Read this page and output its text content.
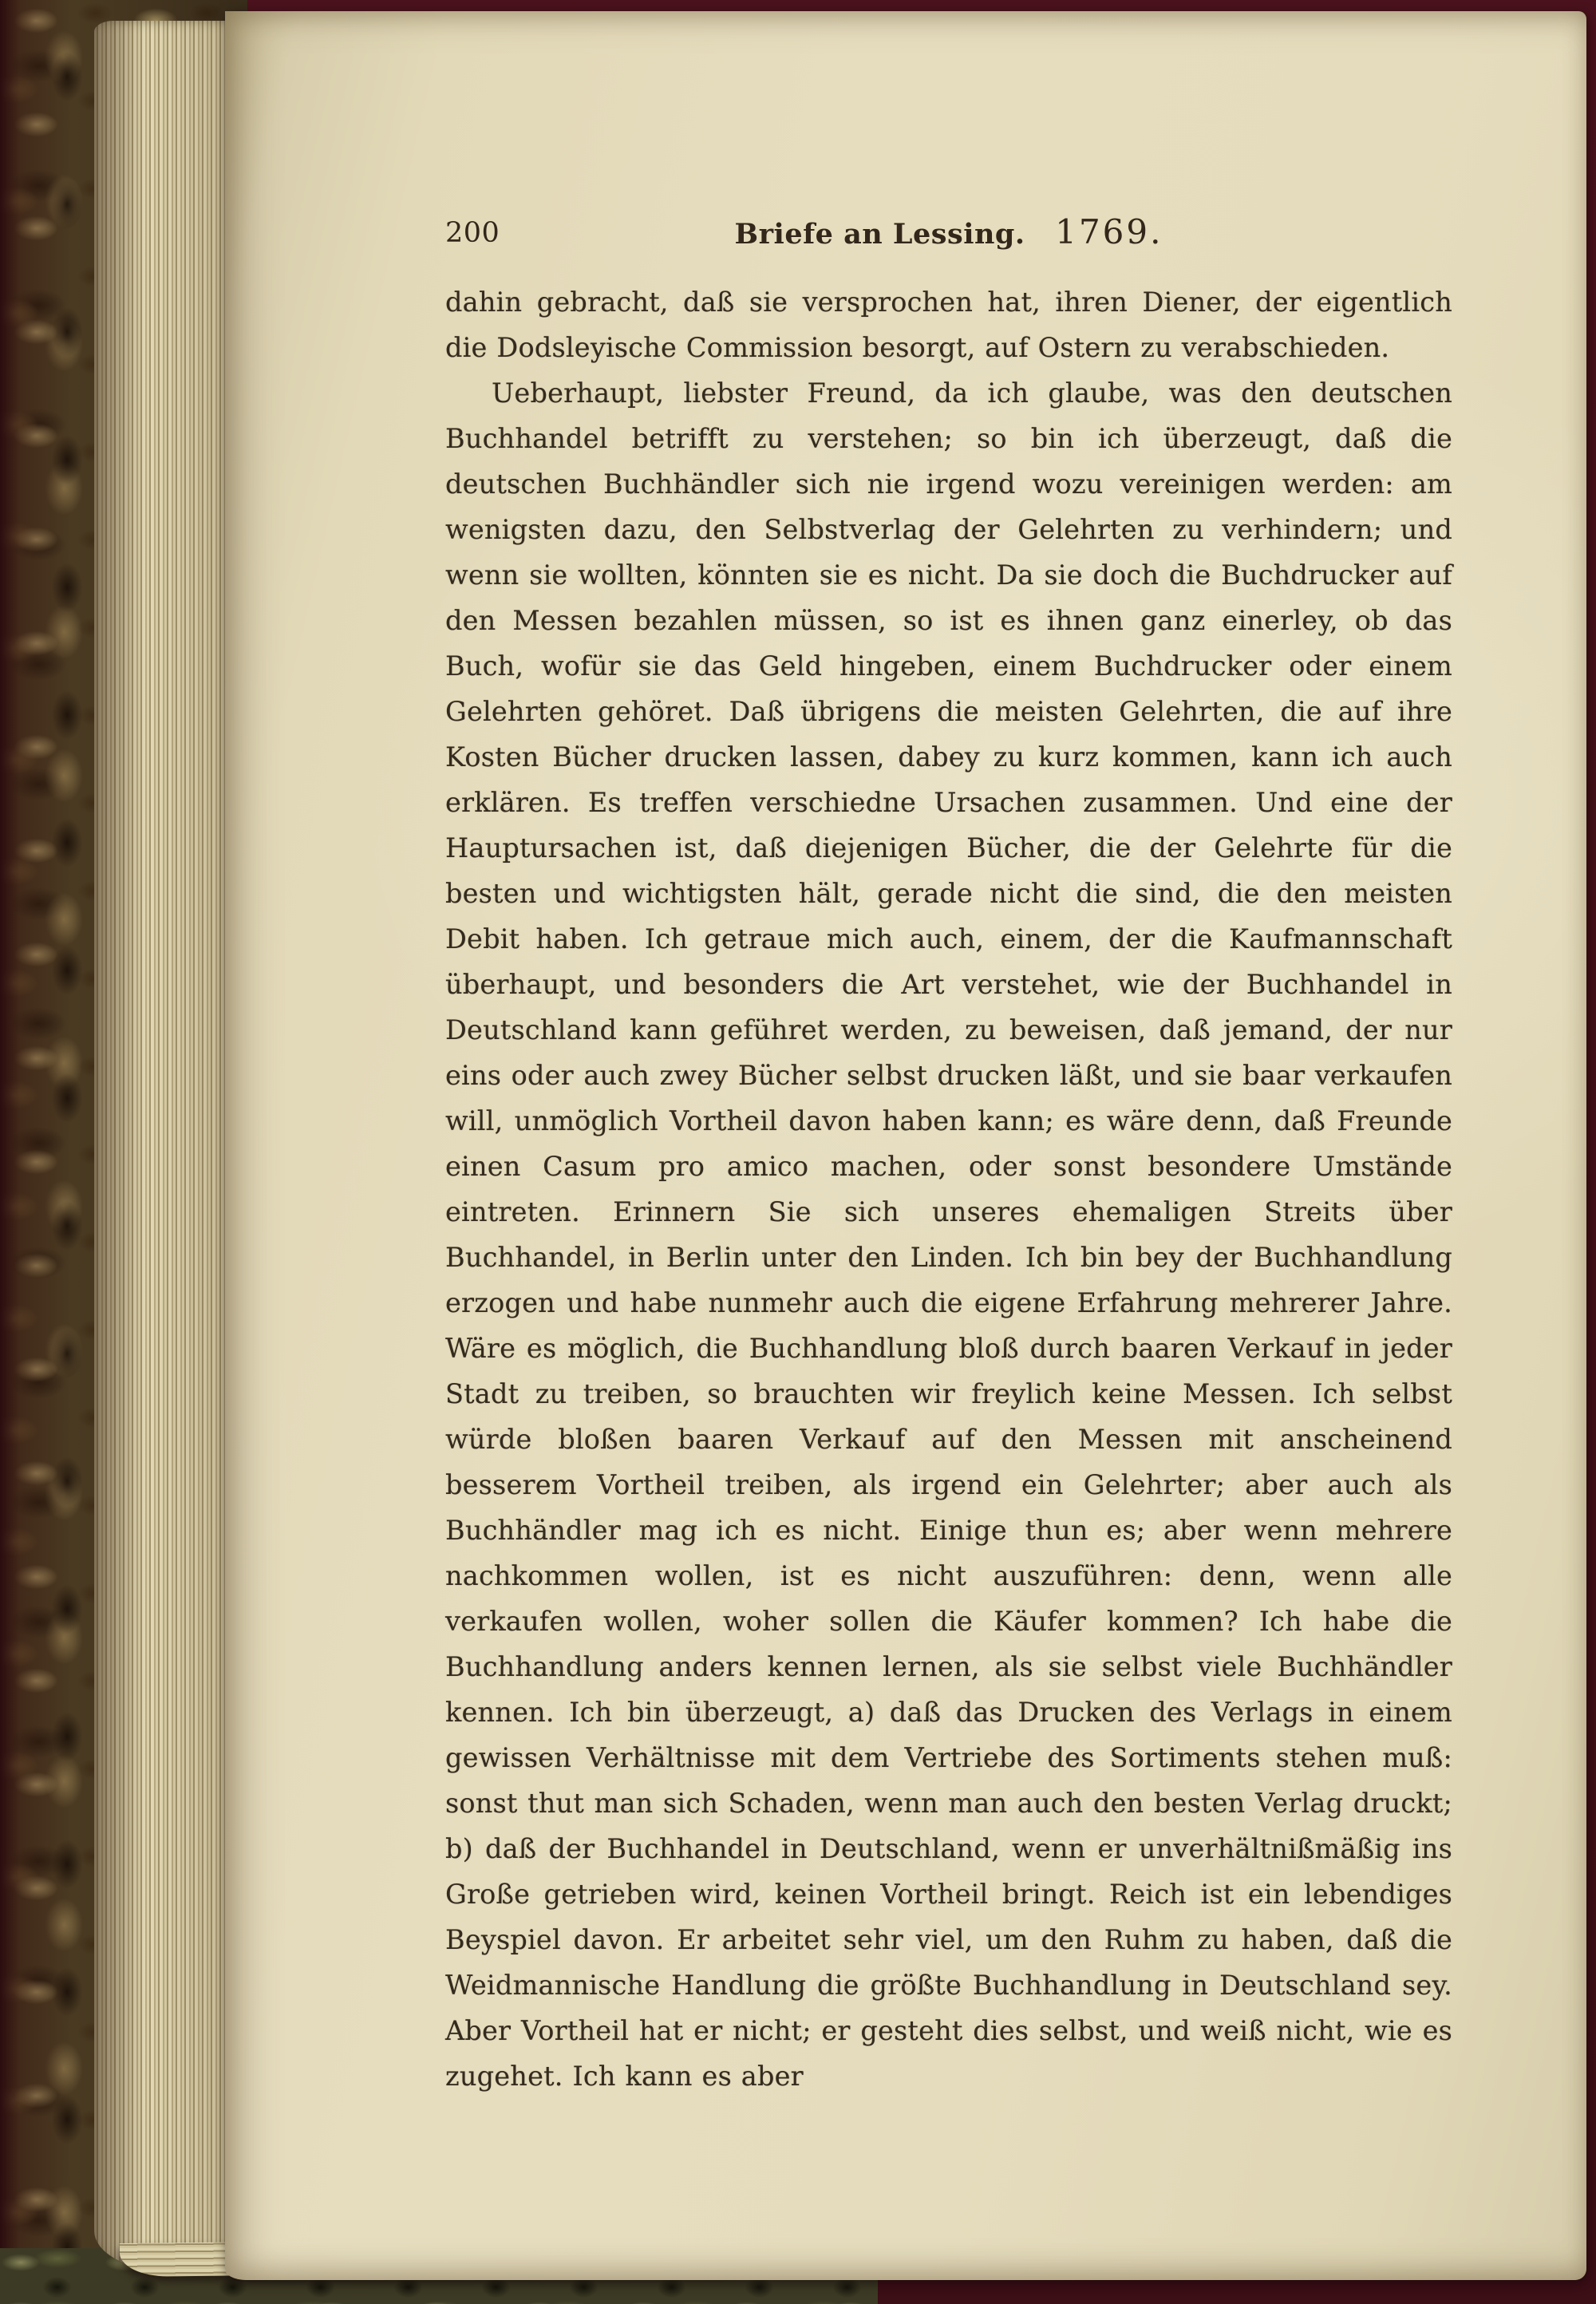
200	Briefe an Lessing. 1769.

dahin gebracht, daß sie versprochen hat, ihren Diener, der eigentlich die Dodsleyische Commission besorgt, auf Ostern zu verabschieden.

Ueberhaupt, liebster Freund, da ich glaube, was den deutschen Buchhandel betrifft zu verstehen; so bin ich überzeugt, daß die deutschen Buchhändler sich nie irgend wozu vereinigen werden: am wenigsten dazu, den Selbstverlag der Gelehrten zu verhindern; und wenn sie wollten, könnten sie es nicht. Da sie doch die Buchdrucker auf den Messen bezahlen müssen, so ist es ihnen ganz einerley, ob das Buch, wofür sie das Geld hingeben, einem Buchdrucker oder einem Gelehrten gehöret. Daß übrigens die meisten Gelehrten, die auf ihre Kosten Bücher drucken lassen, dabey zu kurz kommen, kann ich auch erklären. Es treffen verschiedne Ursachen zusammen. Und eine der Hauptursachen ist, daß diejenigen Bücher, die der Gelehrte für die besten und wichtigsten hält, gerade nicht die sind, die den meisten Debit haben. Ich getraue mich auch, einem, der die Kaufmannschaft überhaupt, und besonders die Art verstehet, wie der Buchhandel in Deutschland kann geführet werden, zu beweisen, daß jemand, der nur eins oder auch zwey Bücher selbst drucken läßt, und sie baar verkaufen will, unmöglich Vortheil davon haben kann; es wäre denn, daß Freunde einen Casum pro amico machen, oder sonst besondere Umstände eintreten. Erinnern Sie sich unseres ehemaligen Streits über Buchhandel, in Berlin unter den Linden. Ich bin bey der Buchhandlung erzogen und habe nunmehr auch die eigene Erfahrung mehrerer Jahre. Wäre es möglich, die Buchhandlung bloß durch baaren Verkauf in jeder Stadt zu treiben, so brauchten wir freylich keine Messen. Ich selbst würde bloßen baaren Verkauf auf den Messen mit anscheinend besserem Vortheil treiben, als irgend ein Gelehrter; aber auch als Buchhändler mag ich es nicht. Einige thun es; aber wenn mehrere nachkommen wollen, ist es nicht auszuführen: denn, wenn alle verkaufen wollen, woher sollen die Käufer kommen? Ich habe die Buchhandlung anders kennen lernen, als sie selbst viele Buchhändler kennen. Ich bin überzeugt, a) daß das Drucken des Verlags in einem gewissen Verhältnisse mit dem Vertriebe des Sortiments stehen muß: sonst thut man sich Schaden, wenn man auch den besten Verlag druckt; b) daß der Buchhandel in Deutschland, wenn er unverhältnißmäßig ins Große getrieben wird, keinen Vortheil bringt. Reich ist ein lebendiges Beyspiel davon. Er arbeitet sehr viel, um den Ruhm zu haben, daß die Weidmannische Handlung die größte Buchhandlung in Deutschland sey. Aber Vortheil hat er nicht; er gesteht dies selbst, und weiß nicht, wie es zugehet. Ich kann es aber
